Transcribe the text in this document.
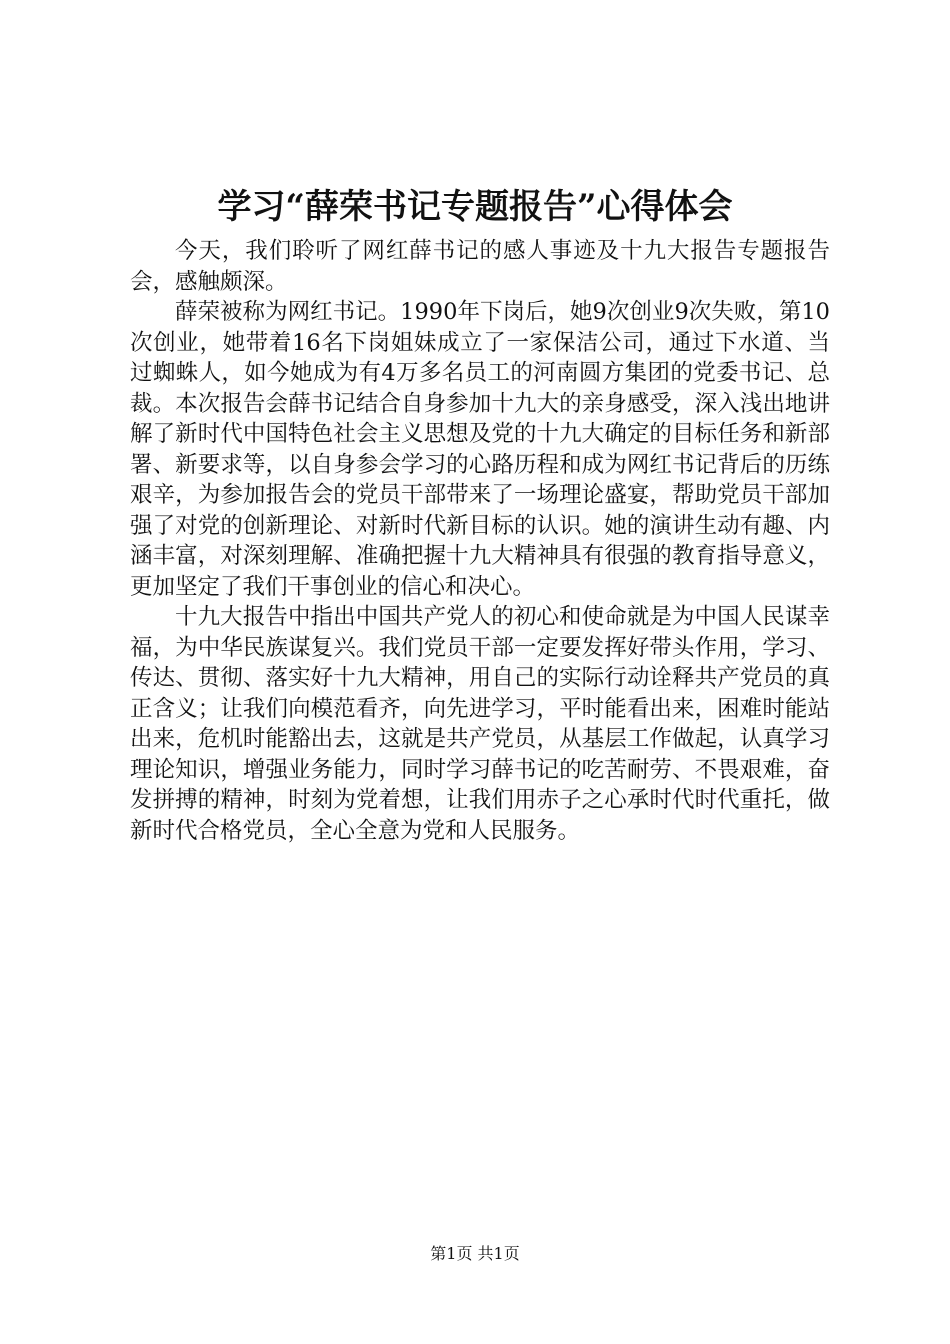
学习“薛荣书记专题报告”心得体会

今天，我们聆听了网红薛书记的感人事迹及十九大报告专题报告会，感触颇深。

薛荣被称为网红书记。1990年下岗后，她9次创业9次失败，第10次创业，她带着16名下岗姐妹成立了一家保洁公司，通过下水道、当过蜘蛛人，如今她成为有4万多名员工的河南圆方集团的党委书记、总裁。本次报告会薛书记结合自身参加十九大的亲身感受，深入浅出地讲解了新时代中国特色社会主义思想及党的十九大确定的目标任务和新部署、新要求等，以自身参会学习的心路历程和成为网红书记背后的历练艰辛，为参加报告会的党员干部带来了一场理论盛宴，帮助党员干部加强了对党的创新理论、对新时代新目标的认识。她的演讲生动有趣、内涵丰富，对深刻理解、准确把握十九大精神具有很强的教育指导意义，更加坚定了我们干事创业的信心和决心。

十九大报告中指出中国共产党人的初心和使命就是为中国人民谋幸福，为中华民族谋复兴。我们党员干部一定要发挥好带头作用，学习、传达、贯彻、落实好十九大精神，用自己的实际行动诠释共产党员的真正含义；让我们向模范看齐，向先进学习，平时能看出来，困难时能站出来，危机时能豁出去，这就是共产党员，从基层工作做起，认真学习理论知识，增强业务能力，同时学习薛书记的吃苦耐劳、不畏艰难，奋发拼搏的精神，时刻为党着想，让我们用赤子之心承时代时代重托，做新时代合格党员，全心全意为党和人民服务。

第1页 共1页
